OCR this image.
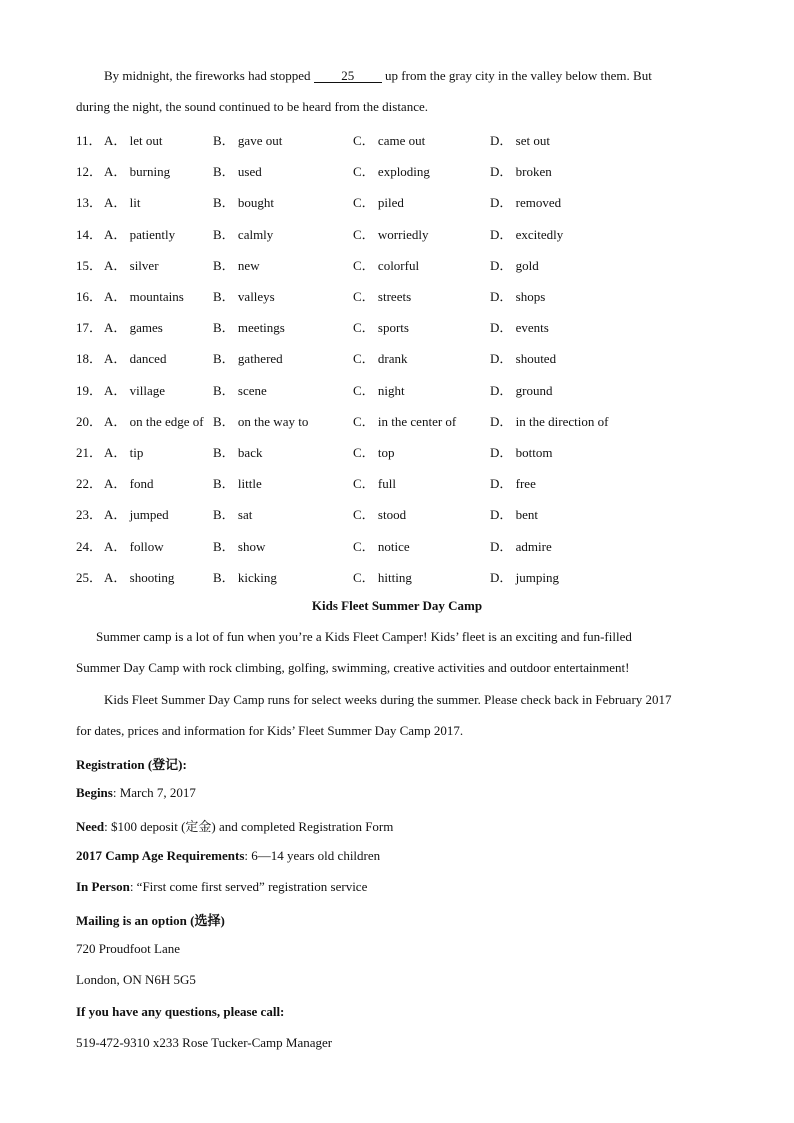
By midnight, the fireworks had stopped 25 up from the gray city in the valley below them. But
during the night, the sound continued to be heard from the distance.
11． A． let out	B． gave out	C． came out	D． set out
12． A． burning	B． used	C． exploding	D． broken
13． A． lit	B． bought	C． piled	D． removed
14． A． patiently	B． calmly	C． worriedly	D． excitedly
15． A． silver	B． new	C． colorful	D． gold
16． A． mountains B． valleys	C． streets	D． shops
17． A． games	B． meetings	C． sports	D． events
18． A． danced	B． gathered	C． drank	D． shouted
19． A． village	B． scene	C． night	D． ground
20． A． on the edge of B． on the way to	C． in the center of	D． in the direction of
21． A． tip	B． back	C． top	D． bottom
22． A． fond	B． little	C． full	D． free
23． A． jumped	B． sat	C． stood	D． bent
24． A． follow	B． show	C． notice	D． admire
25． A． shooting	B． kicking	C． hitting	D． jumping
Kids Fleet Summer Day Camp
Summer camp is a lot of fun when you’re a Kids Fleet Camper! Kids’ fleet is an exciting and fun-filled
Summer Day Camp with rock climbing, golfing, swimming, creative activities and outdoor entertainment!
Kids Fleet Summer Day Camp runs for select weeks during the summer. Please check back in February 2017
for dates, prices and information for Kids’ Fleet Summer Day Camp 2017.
Registration (登记):
Begins: March 7, 2017
Need: $100 deposit (定金) and completed Registration Form
2017 Camp Age Requirements: 6—14 years old children
In Person: “First come first served” registration service
Mailing is an option (选择)
720 Proudfoot Lane
London, ON N6H 5G5
If you have any questions, please call:
519-472-9310 x233 Rose Tucker-Camp Manager
